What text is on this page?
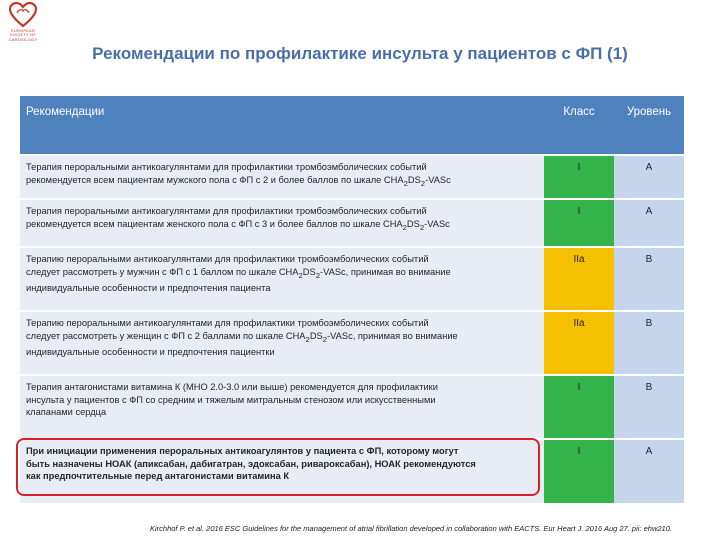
EUROPEAN
SOCIETY OF
CARDIOLOGY
Рекомендации по профилактике инсульта у пациентов с ФП (1)
Рекомендации	Класс	Уровень

Терапия пероральными антикоагулянтами для профилактики тромбоэмболических событий
рекомендуется всем пациентам мужского пола с ФП с 2 и более баллов по шкале $CHA_2DS_2$-VASc	I	A

Терапия пероральными антикоагулянтами для профилактики тромбоэмболических событий
рекомендуется всем пациентам женского пола с ФП с 3 и более баллов по шкале $CHA_2DS_2$-VASc	I	A

Терапию пероральными антикоагулянтами для профилактики тромбоэмболических событий
следует рассмотреть у мужчин с ФП с 1 баллом по шкале $CHA_2DS_2$-VASc, принимая во внимание
индивидуальные особенности и предпочтения пациента	IIa	B

Терапию пероральными антикоагулянтами для профилактики тромбоэмболических событий
следует рассмотреть у женщин с ФП с 2 баллами по шкале $CHA_2DS_2$-VASc, принимая во внимание
индивидуальные особенности и предпочтения пациентки	IIa	B

Терапия антагонистами витамина К (МНО 2.0-3.0 или выше) рекомендуется для профилактики
инсульта у пациентов с ФП со средним и тяжелым митральным стенозом или искусственными
клапанами сердца	I	B

При инициации применения пероральных антикоагулянтов у пациента с ФП, которому могут
быть назначены НОАК (апиксабан, дабигатран, эдоксабан, ривароксабан), НОАК рекомендуются
как предпочтительные перед антагонистами витамина К	I	A
Kirchhof P. et al. 2016 ESC Guidelines for the management of atrial fibrillation developed in collaboration with EACTS. Eur Heart J. 2016 Aug 27. pii: ehw210.
